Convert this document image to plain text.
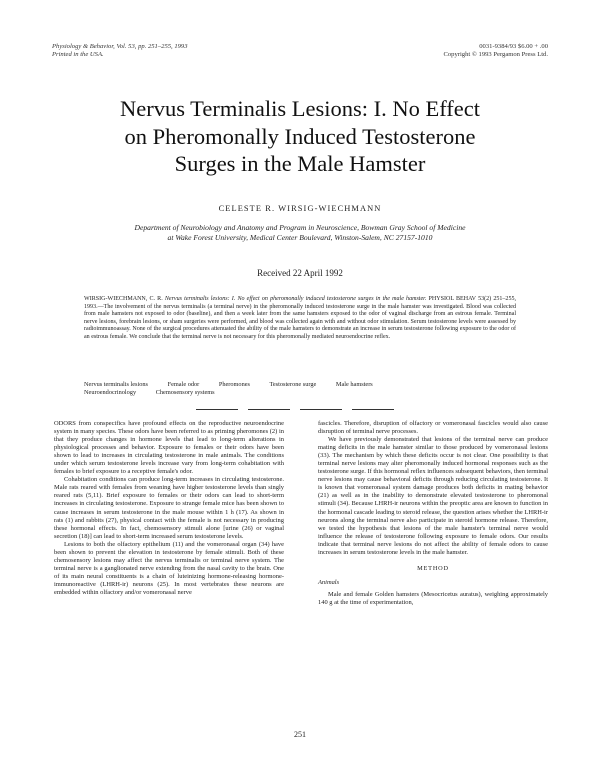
Physiology & Behavior, Vol. 53, pp. 251–255, 1993
Printed in the USA.
0031-9384/93 $6.00 + .00
Copyright © 1993 Pergamon Press Ltd.
Nervus Terminalis Lesions: I. No Effect
on Pheromonally Induced Testosterone
Surges in the Male Hamster
CELESTE R. WIRSIG-WIECHMANN
Department of Neurobiology and Anatomy and Program in Neuroscience, Bowman Gray School of Medicine
at Wake Forest University, Medical Center Boulevard, Winston-Salem, NC 27157-1010
Received 22 April 1992
WIRSIG-WIECHMANN, C. R. Nervus terminalis lesions: I. No effect on pheromonally induced testosterone surges in the male hamster. PHYSIOL BEHAV 53(2) 251–255, 1993.—The involvement of the nervus terminalis (a terminal nerve) in the pheromonally induced testosterone surge in the male hamster was investigated. Blood was collected from male hamsters not exposed to odor (baseline), and then a week later from the same hamsters exposed to the odor of vaginal discharge from an estrous female. Terminal nerve lesions, forebrain lesions, or sham surgeries were performed, and blood was collected again with and without odor stimulation. Serum testosterone levels were assessed by radioimmunoassay. None of the surgical procedures attenuated the ability of the male hamsters to demonstrate an increase in serum testosterone following exposure to the odor of an estrous female. We conclude that the terminal nerve is not necessary for this pheromonally mediated neuroendocrine reflex.
Nervus terminalis lesions	Female odor	Pheromones	Testosterone surge	Male hamsters
Neuroendocrinology	Chemosensory systems

ODORS from conspecifics have profound effects on the reproductive neuroendocrine system in many species. These odors have been referred to as priming pheromones (2) in that they produce changes in hormone levels that lead to long-term alterations in physiological processes and behavior. Exposure to females or their odors have been shown to lead to increases in circulating testosterone in male animals. The conditions under which serum testosterone levels increase vary from long-term cohabitation with females to brief exposure to a receptive female's odor.

Cohabitation conditions can produce long-term increases in circulating testosterone. Male rats reared with females from weaning have higher testosterone levels than singly reared rats (5,11). Brief exposure to females or their odors can lead to short-term increases in circulating testosterone. Exposure to strange female mice has been shown to cause increases in serum testosterone in the male mouse within 1 h (17). As shown in rats (1) and rabbits (27), physical contact with the female is not necessary in producing these hormonal effects. In fact, chemosensory stimuli alone [urine (26) or vaginal secretion (18)] can lead to short-term increased serum testosterone levels.

Lesions to both the olfactory epithelium (11) and the vomeronasal organ (34) have been shown to prevent the elevation in testosterone by female stimuli. Both of these chemosensory lesions may affect the nervus terminalis or terminal nerve system. The terminal nerve is a ganglionated nerve extending from the nasal cavity to the brain. One of its main neural constituents is a chain of luteinizing hormone-releasing hormone-immunoreactive (LHRH-ir) neurons (25). In most vertebrates these neurons are embedded within olfactory and/or vomeronasal nerve

fascicles. Therefore, disruption of olfactory or vomeronasal fascicles would also cause disruption of terminal nerve processes.

We have previously demonstrated that lesions of the terminal nerve can produce mating deficits in the male hamster similar to those produced by vomeronasal lesions (33). The mechanism by which these deficits occur is not clear. One possibility is that terminal nerve lesions may alter pheromonally induced hormonal responses such as the testosterone surge. If this hormonal reflex influences subsequent behaviors, then terminal nerve lesions may cause behavioral deficits through reducing circulating testosterone. It is known that vomeronasal system damage produces both deficits in mating behavior (21) as well as in the inability to demonstrate elevated testosterone to pheromonal stimuli (34). Because LHRH-ir neurons within the preoptic area are known to function in the hormonal cascade leading to steroid release, the question arises whether the LHRH-ir neurons along the terminal nerve also participate in steroid hormone release. Therefore, we tested the hypothesis that lesions of the male hamster's terminal nerve would influence the release of testosterone following exposure to female odors. Our results indicate that terminal nerve lesions do not affect the ability of female odors to cause increases in serum testosterone levels in the male hamster.

METHOD
Animals

Male and female Golden hamsters (Mesocricetus auratus), weighing approximately 140 g at the time of experimentation,

251
